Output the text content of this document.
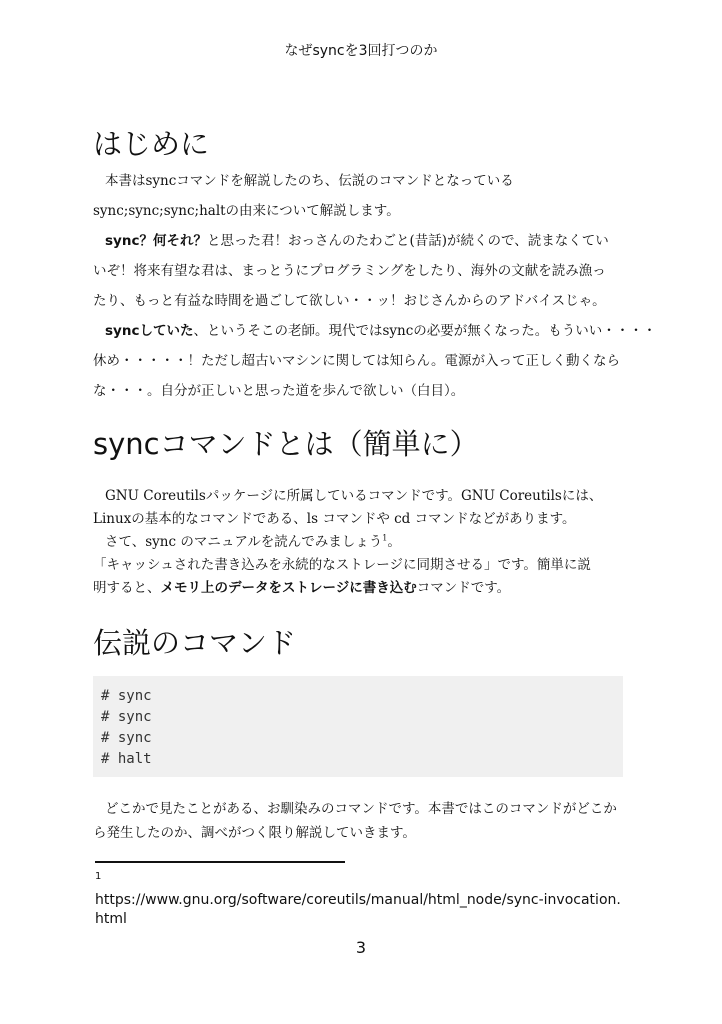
なぜsyncを3回打つのか
はじめに
本書はsyncコマンドを解説したのち、伝説のコマンドとなっている
sync;sync;sync;haltの由来について解説します。
sync？何それ？と思った君！おっさんのたわごと(昔話)が続くので、読まなくてい
いぞ！将来有望な君は、まっとうにプログラミングをしたり、海外の文献を読み漁っ
たり、もっと有益な時間を過ごして欲しい・・ッ！おじさんからのアドバイスじゃ。
syncしていた、というそこの老師。現代ではsyncの必要が無くなった。もういい・・・・
休め・・・・・！ただし超古いマシンに関しては知らん。電源が入って正しく動くなら
な・・・。自分が正しいと思った道を歩んで欲しい（白目）。
syncコマンドとは（簡単に）
GNU Coreutilsパッケージに所属しているコマンドです。GNU Coreutilsには、
Linuxの基本的なコマンドである、ls コマンドや cd コマンドなどがあります。
さて、sync のマニュアルを読んでみましょう$^1$。
「キャッシュされた書き込みを永続的なストレージに同期させる」です。簡単に説
明すると、メモリ上のデータをストレージに書き込むコマンドです。
伝説のコマンド
# sync
# sync
# sync
# halt
どこかで見たことがある、お馴染みのコマンドです。本書ではこのコマンドがどこか
ら発生したのか、調べがつく限り解説していきます。
1
https://www.gnu.org/software/coreutils/manual/html_node/sync-invocation.html
3
